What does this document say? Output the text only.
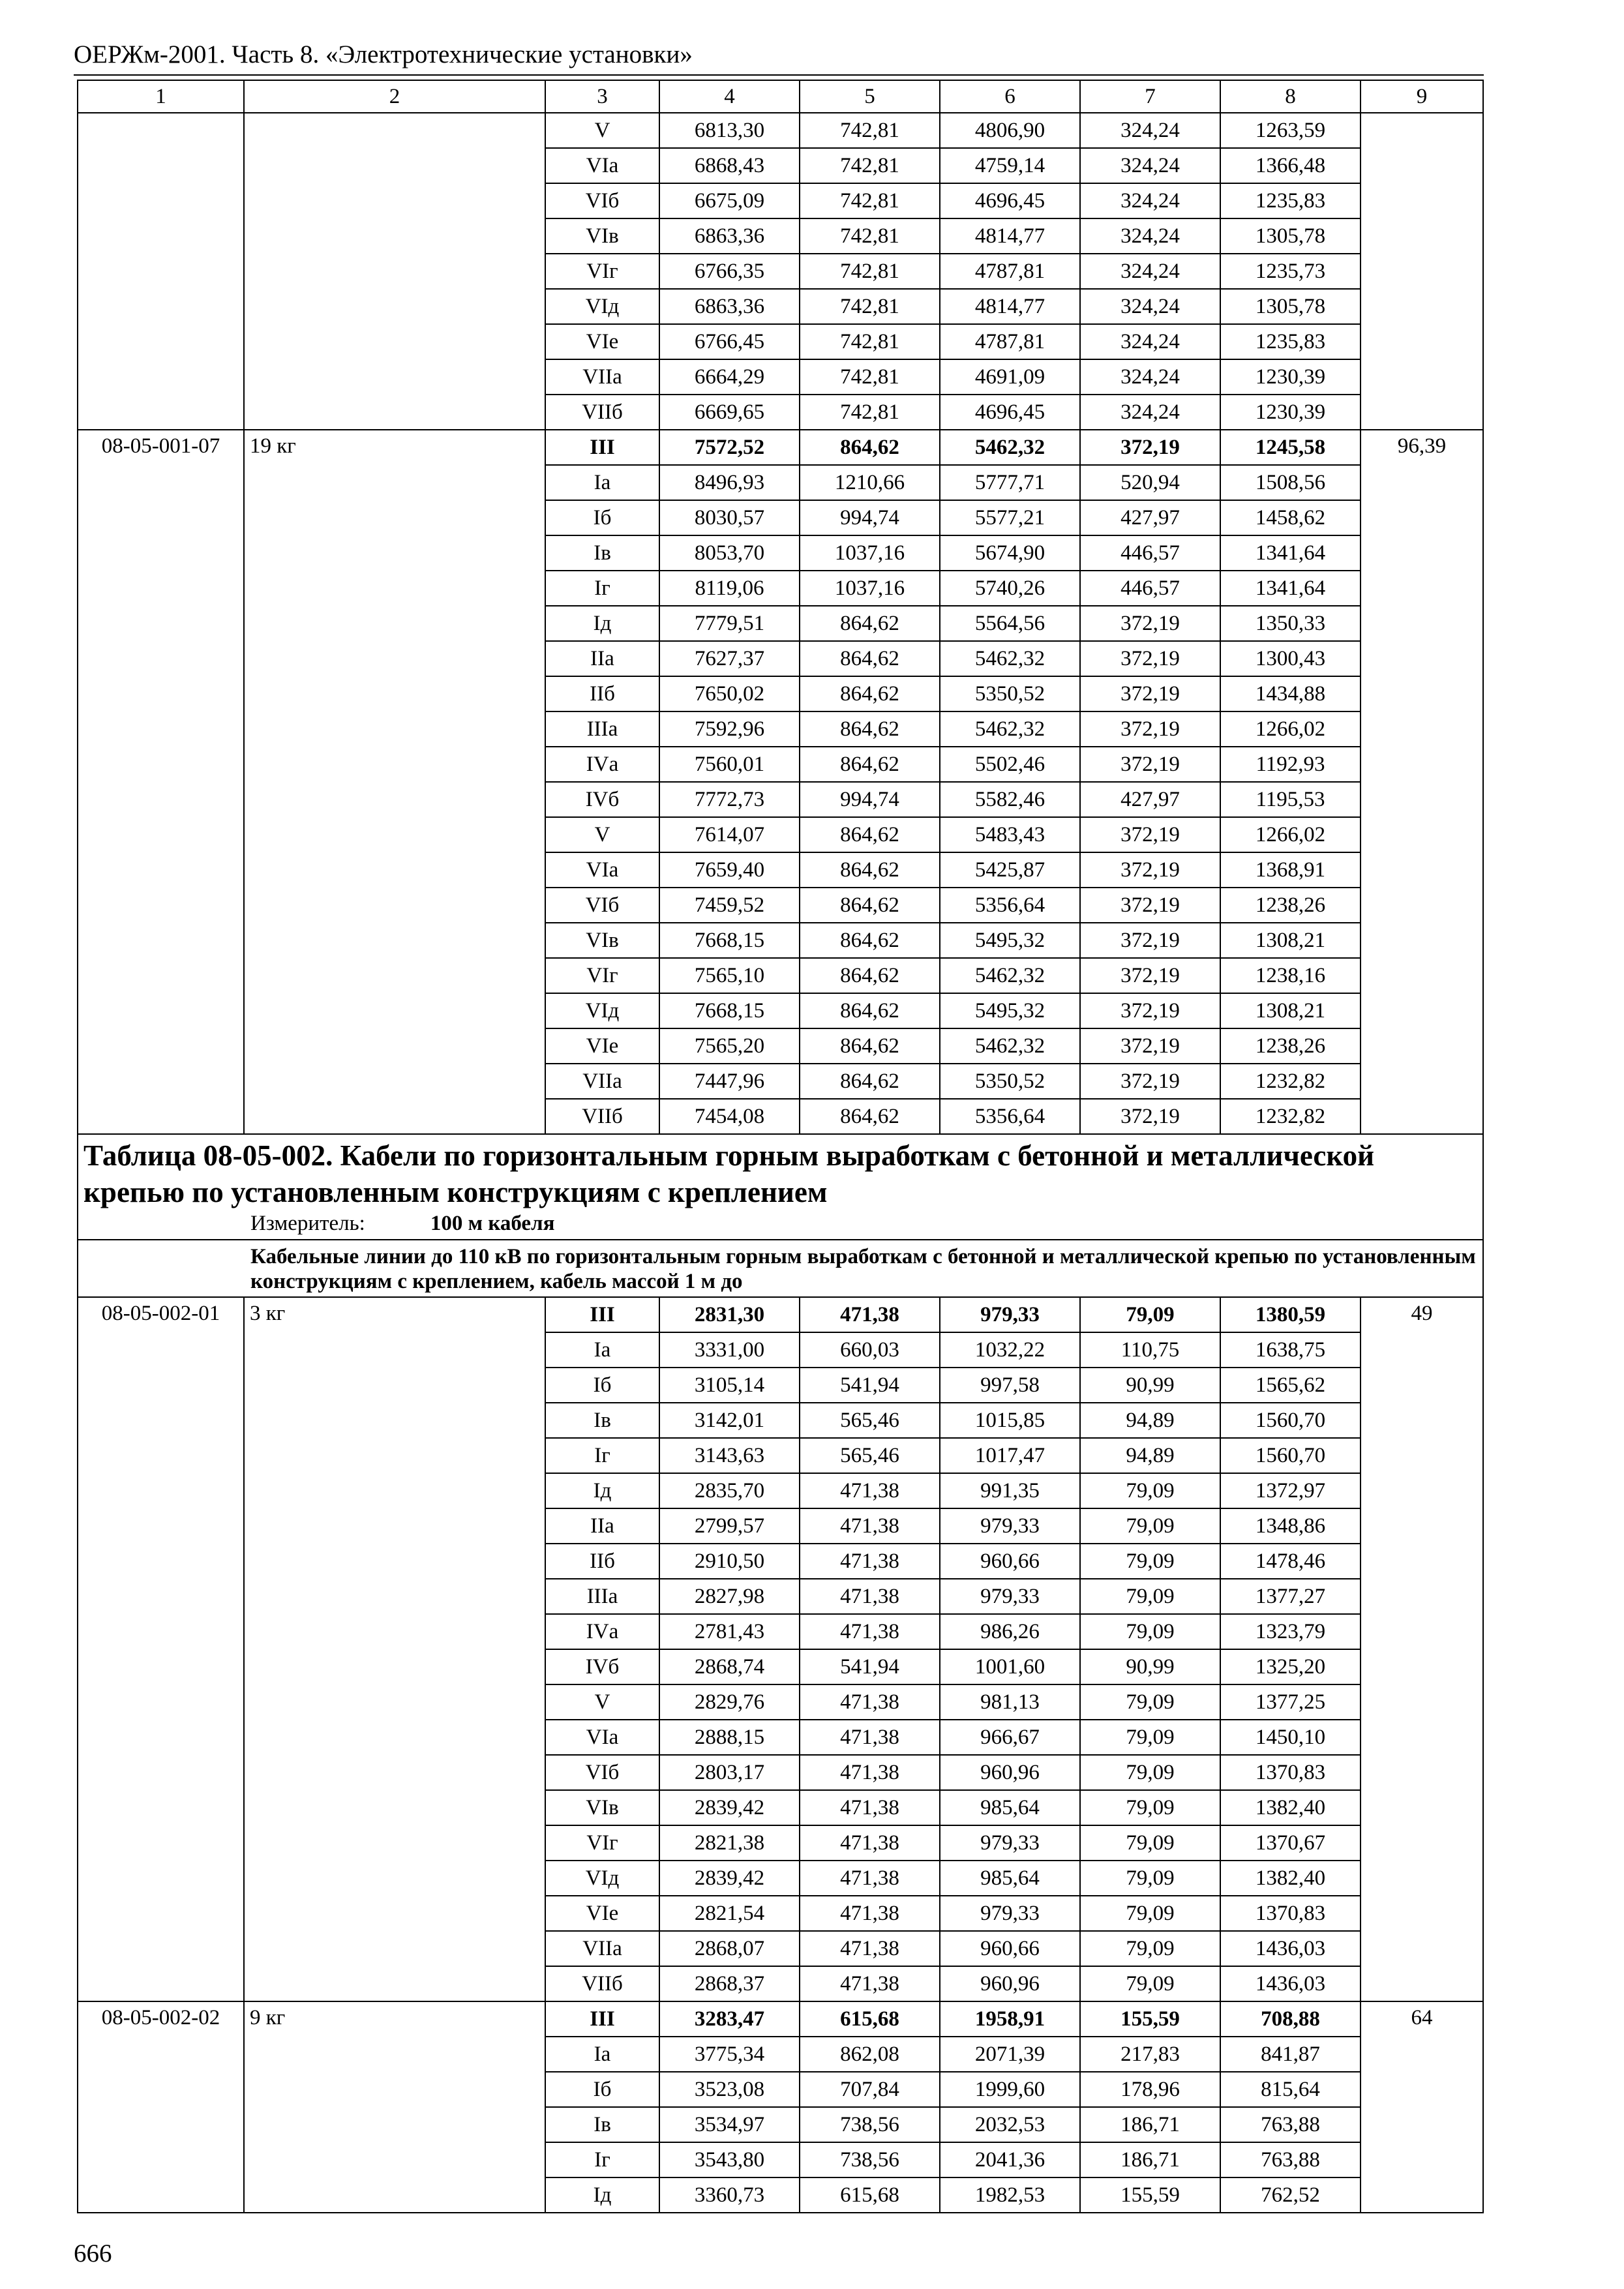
ОЕРЖм-2001. Часть 8. «Электротехнические установки»
1	2	3	4	5	6	7	8	9
		V	6813,30	742,81	4806,90	324,24	1263,59	
		VIа	6868,43	742,81	4759,14	324,24	1366,48	
		VIб	6675,09	742,81	4696,45	324,24	1235,83	
		VIв	6863,36	742,81	4814,77	324,24	1305,78	
		VIг	6766,35	742,81	4787,81	324,24	1235,73	
		VIд	6863,36	742,81	4814,77	324,24	1305,78	
		VIе	6766,45	742,81	4787,81	324,24	1235,83	
		VIIа	6664,29	742,81	4691,09	324,24	1230,39	
		VIIб	6669,65	742,81	4696,45	324,24	1230,39	
08-05-001-07	19 кг	III	7572,52	864,62	5462,32	372,19	1245,58	96,39
		Iа	8496,93	1210,66	5777,71	520,94	1508,56	
		Iб	8030,57	994,74	5577,21	427,97	1458,62	
		Iв	8053,70	1037,16	5674,90	446,57	1341,64	
		Iг	8119,06	1037,16	5740,26	446,57	1341,64	
		Iд	7779,51	864,62	5564,56	372,19	1350,33	
		IIа	7627,37	864,62	5462,32	372,19	1300,43	
		IIб	7650,02	864,62	5350,52	372,19	1434,88	
		IIIа	7592,96	864,62	5462,32	372,19	1266,02	
		IVа	7560,01	864,62	5502,46	372,19	1192,93	
		IVб	7772,73	994,74	5582,46	427,97	1195,53	
		V	7614,07	864,62	5483,43	372,19	1266,02	
		VIа	7659,40	864,62	5425,87	372,19	1368,91	
		VIб	7459,52	864,62	5356,64	372,19	1238,26	
		VIв	7668,15	864,62	5495,32	372,19	1308,21	
		VIг	7565,10	864,62	5462,32	372,19	1238,16	
		VIд	7668,15	864,62	5495,32	372,19	1308,21	
		VIе	7565,20	864,62	5462,32	372,19	1238,26	
		VIIа	7447,96	864,62	5350,52	372,19	1232,82	
		VIIб	7454,08	864,62	5356,64	372,19	1232,82	

Таблица 08-05-002. Кабели по горизонтальным горным выработкам с бетонной и металлической крепью по установленным конструкциям с креплением
Измеритель: 100 м кабеля								

Кабельные линии до 110 кВ по горизонтальным горным выработкам с бетонной и металлической крепью по установленным конструкциям с креплением, кабель массой 1 м до								

08-05-002-01	3 кг	III	2831,30	471,38	979,33	79,09	1380,59	49
		Iа	3331,00	660,03	1032,22	110,75	1638,75	
		Iб	3105,14	541,94	997,58	90,99	1565,62	
		Iв	3142,01	565,46	1015,85	94,89	1560,70	
		Iг	3143,63	565,46	1017,47	94,89	1560,70	
		Iд	2835,70	471,38	991,35	79,09	1372,97	
		IIа	2799,57	471,38	979,33	79,09	1348,86	
		IIб	2910,50	471,38	960,66	79,09	1478,46	
		IIIа	2827,98	471,38	979,33	79,09	1377,27	
		IVа	2781,43	471,38	986,26	79,09	1323,79	
		IVб	2868,74	541,94	1001,60	90,99	1325,20	
		V	2829,76	471,38	981,13	79,09	1377,25	
		VIа	2888,15	471,38	966,67	79,09	1450,10	
		VIб	2803,17	471,38	960,96	79,09	1370,83	
		VIв	2839,42	471,38	985,64	79,09	1382,40	
		VIг	2821,38	471,38	979,33	79,09	1370,67	
		VIд	2839,42	471,38	985,64	79,09	1382,40	
		VIе	2821,54	471,38	979,33	79,09	1370,83	
		VIIа	2868,07	471,38	960,66	79,09	1436,03	
		VIIб	2868,37	471,38	960,96	79,09	1436,03	
08-05-002-02	9 кг	III	3283,47	615,68	1958,91	155,59	708,88	64
		Iа	3775,34	862,08	2071,39	217,83	841,87	
		Iб	3523,08	707,84	1999,60	178,96	815,64	
		Iв	3534,97	738,56	2032,53	186,71	763,88	
		Iг	3543,80	738,56	2041,36	186,71	763,88	
		Iд	3360,73	615,68	1982,53	155,59	762,52	
666
